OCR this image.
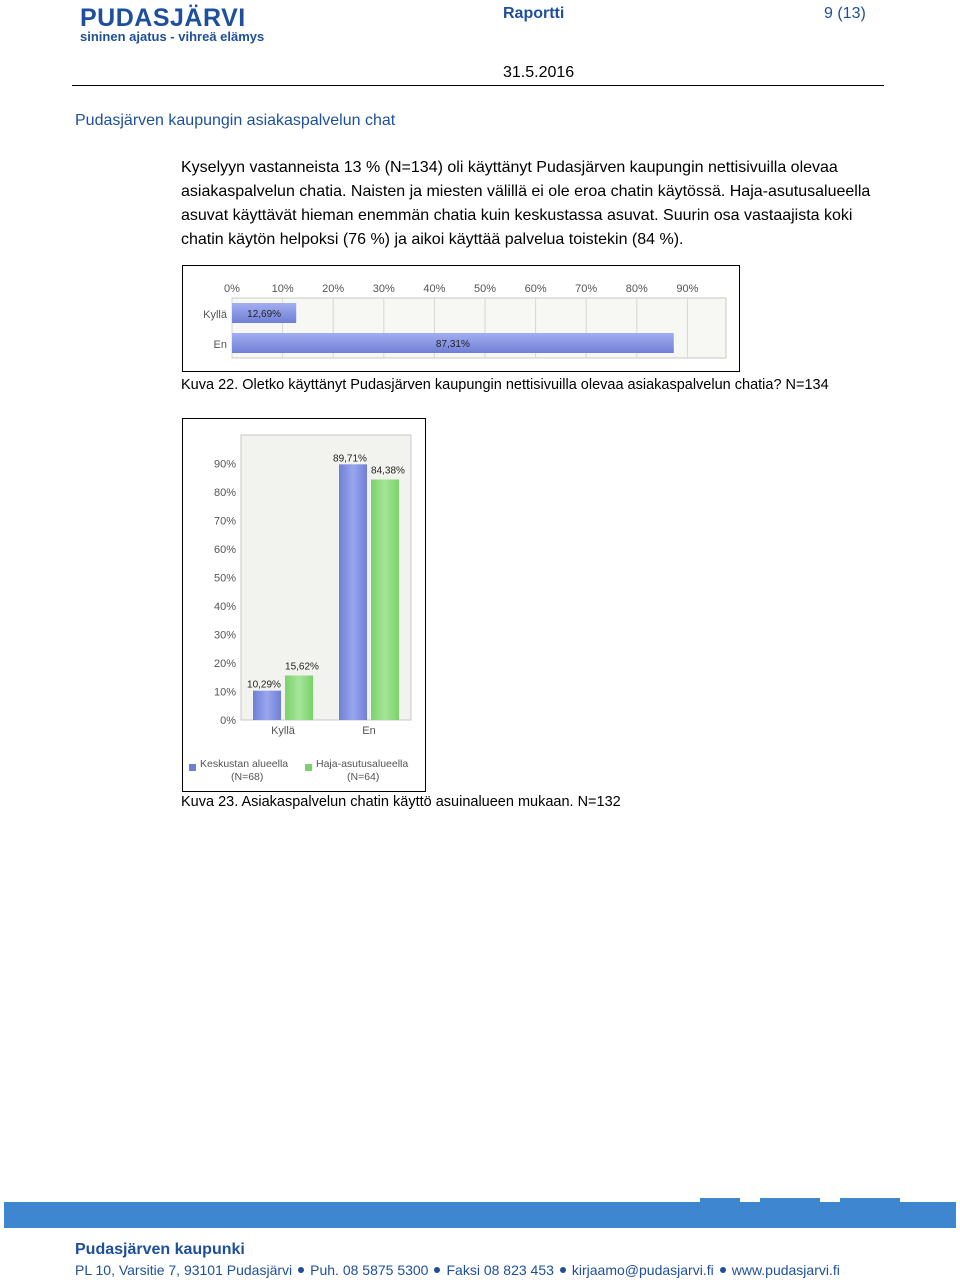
PUDASJÄRVI
sininen ajatus - vihreä elämys
Raportti	9 (13)
31.5.2016
Pudasjärven kaupungin asiakaspalvelun chat
Kyselyyn vastanneista 13 % (N=134) oli käyttänyt Pudasjärven kaupungin nettisivuilla olevaa asiakaspalvelun chatia. Naisten ja miesten välillä ei ole eroa chatin käytössä. Haja-asutusalueella asuvat käyttävät hieman enemmän chatia kuin keskustassa asuvat. Suurin osa vastaajista koki chatin käytön helpoksi (76 %) ja aikoi käyttää palvelua toistekin (84 %).
0%	10%	20%	30%	40%	50%	60%	70%	80%	90%
Kyllä 12,69%
En	87,31%
Kuva 22. Oletko käyttänyt Pudasjärven kaupungin nettisivuilla olevaa asiakaspalvelun chatia? N=134
0%
10%
20%
30%
40%
50%
60%
70%
80%
90%
10,29%
15,62%
Kyllä
89,71%
84,38%
En
Keskustan alueella
(N=68)
Haja-asutusalueella
(N=64)
Kuva 23. Asiakaspalvelun chatin käyttö asuinalueen mukaan. N=132
Pudasjärven kaupunki
PL 10, Varsitie 7, 93101 Pudasjärvi Puh. 08 5875 5300 Faksi 08 823 453 kirjaamo@pudasjarvi.fi www.pudasjarvi.fi
